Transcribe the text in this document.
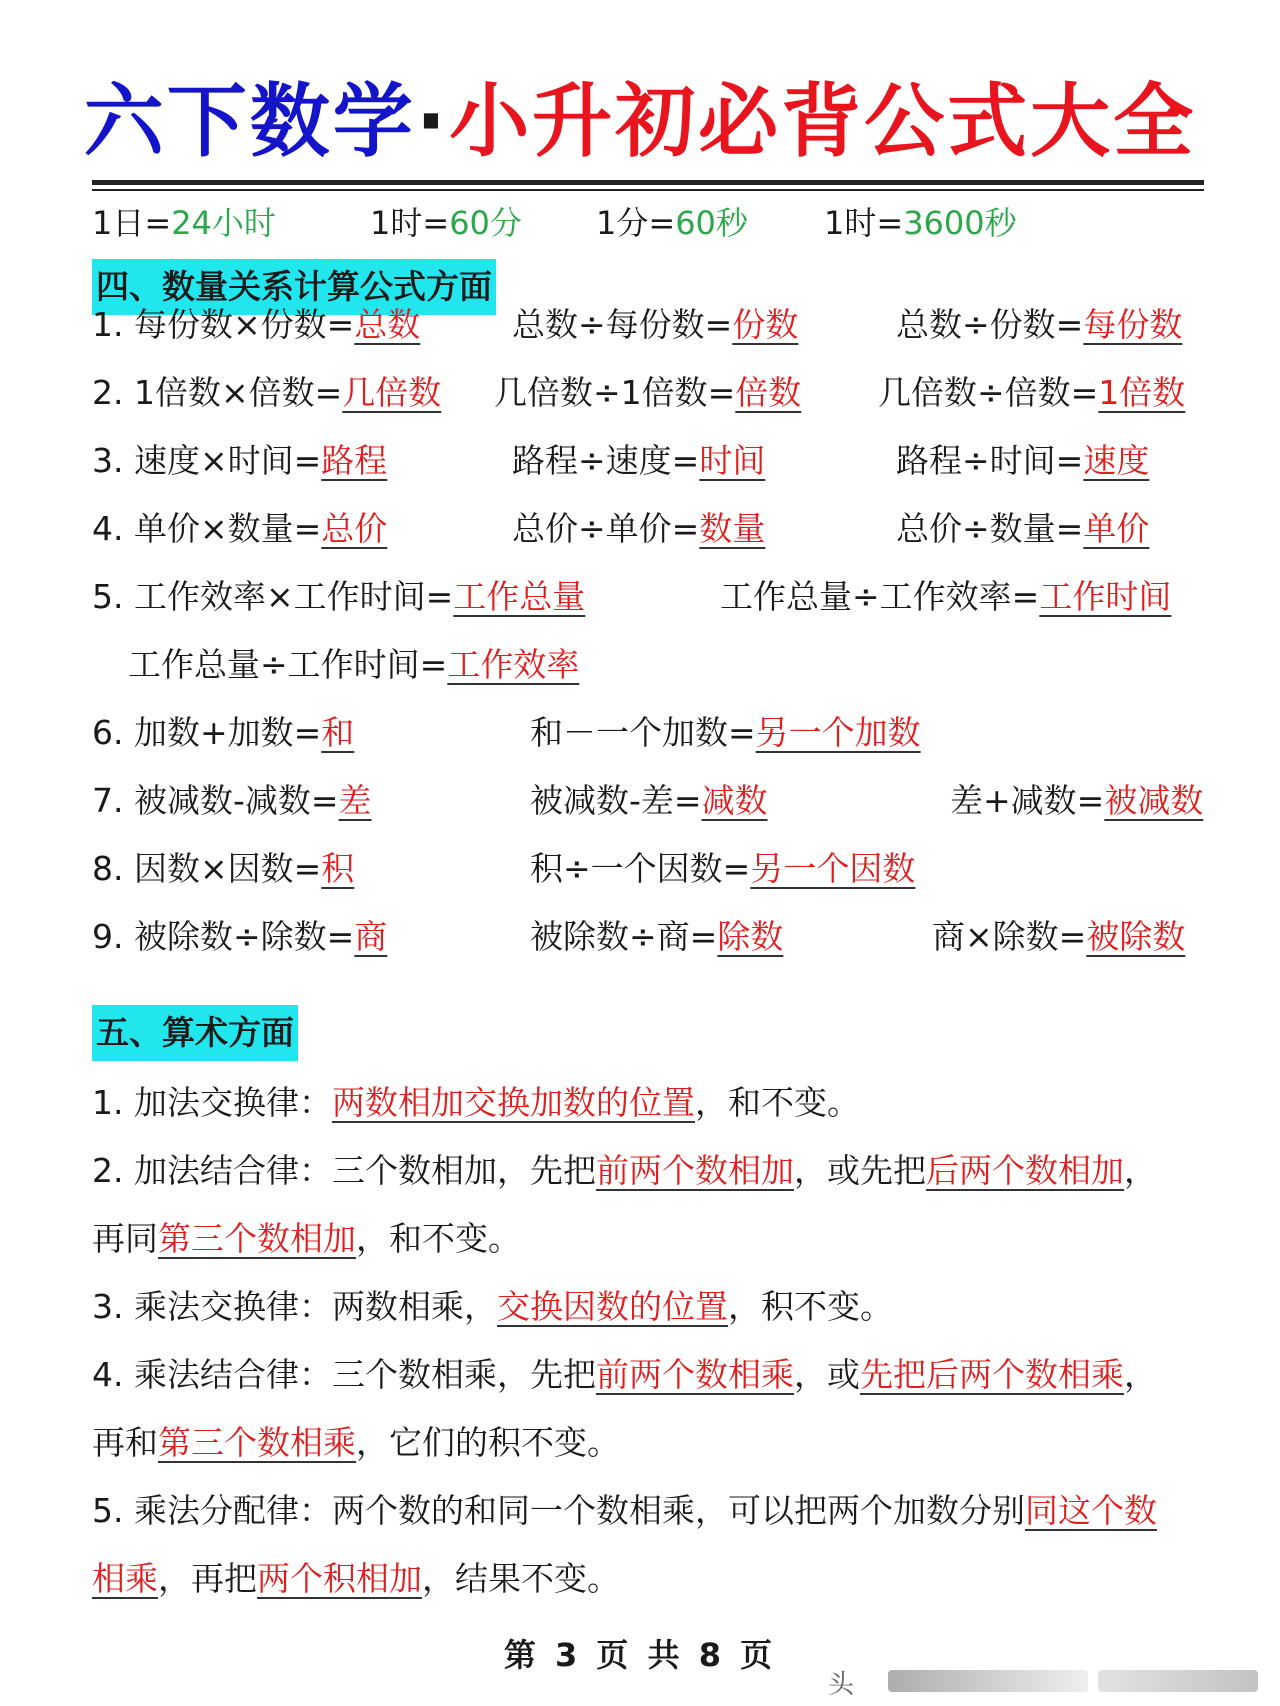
六下数学·小升初必背公式大全
1日=24小时	1时=60分 1分=60秒 1时=3600秒
四、数量关系计算公式方面
1. 每份数×份数=总数	总数÷每份数=份数	总数÷份数=每份数
2. 1倍数×倍数=几倍数 几倍数÷1倍数=倍数 几倍数÷倍数=1倍数
3. 速度×时间=路程	路程÷速度=时间	路程÷时间=速度
4. 单价×数量=总价	总价÷单价=数量	总价÷数量=单价
5. 工作效率×工作时间=工作总量	工作总量÷工作效率=工作时间
工作总量÷工作时间=工作效率
6. 加数+加数=和	和－一个加数=另一个加数
7. 被减数-减数=差	被减数-差=减数	差+减数=被减数
8. 因数×因数=积	积÷一个因数=另一个因数
9. 被除数÷除数=商	被除数÷商=除数	商×除数=被除数
五、算术方面
1. 加法交换律：两数相加交换加数的位置，和不变。
2. 加法结合律：三个数相加，先把前两个数相加，或先把后两个数相加，
再同第三个数相加，和不变。
3. 乘法交换律：两数相乘，交换因数的位置，积不变。
4. 乘法结合律：三个数相乘，先把前两个数相乘，或先把后两个数相乘，
再和第三个数相乘，它们的积不变。
5. 乘法分配律：两个数的和同一个数相乘，可以把两个加数分别同这个数
相乘，再把两个积相加，结果不变。
第 3 页 共 8 页
头
